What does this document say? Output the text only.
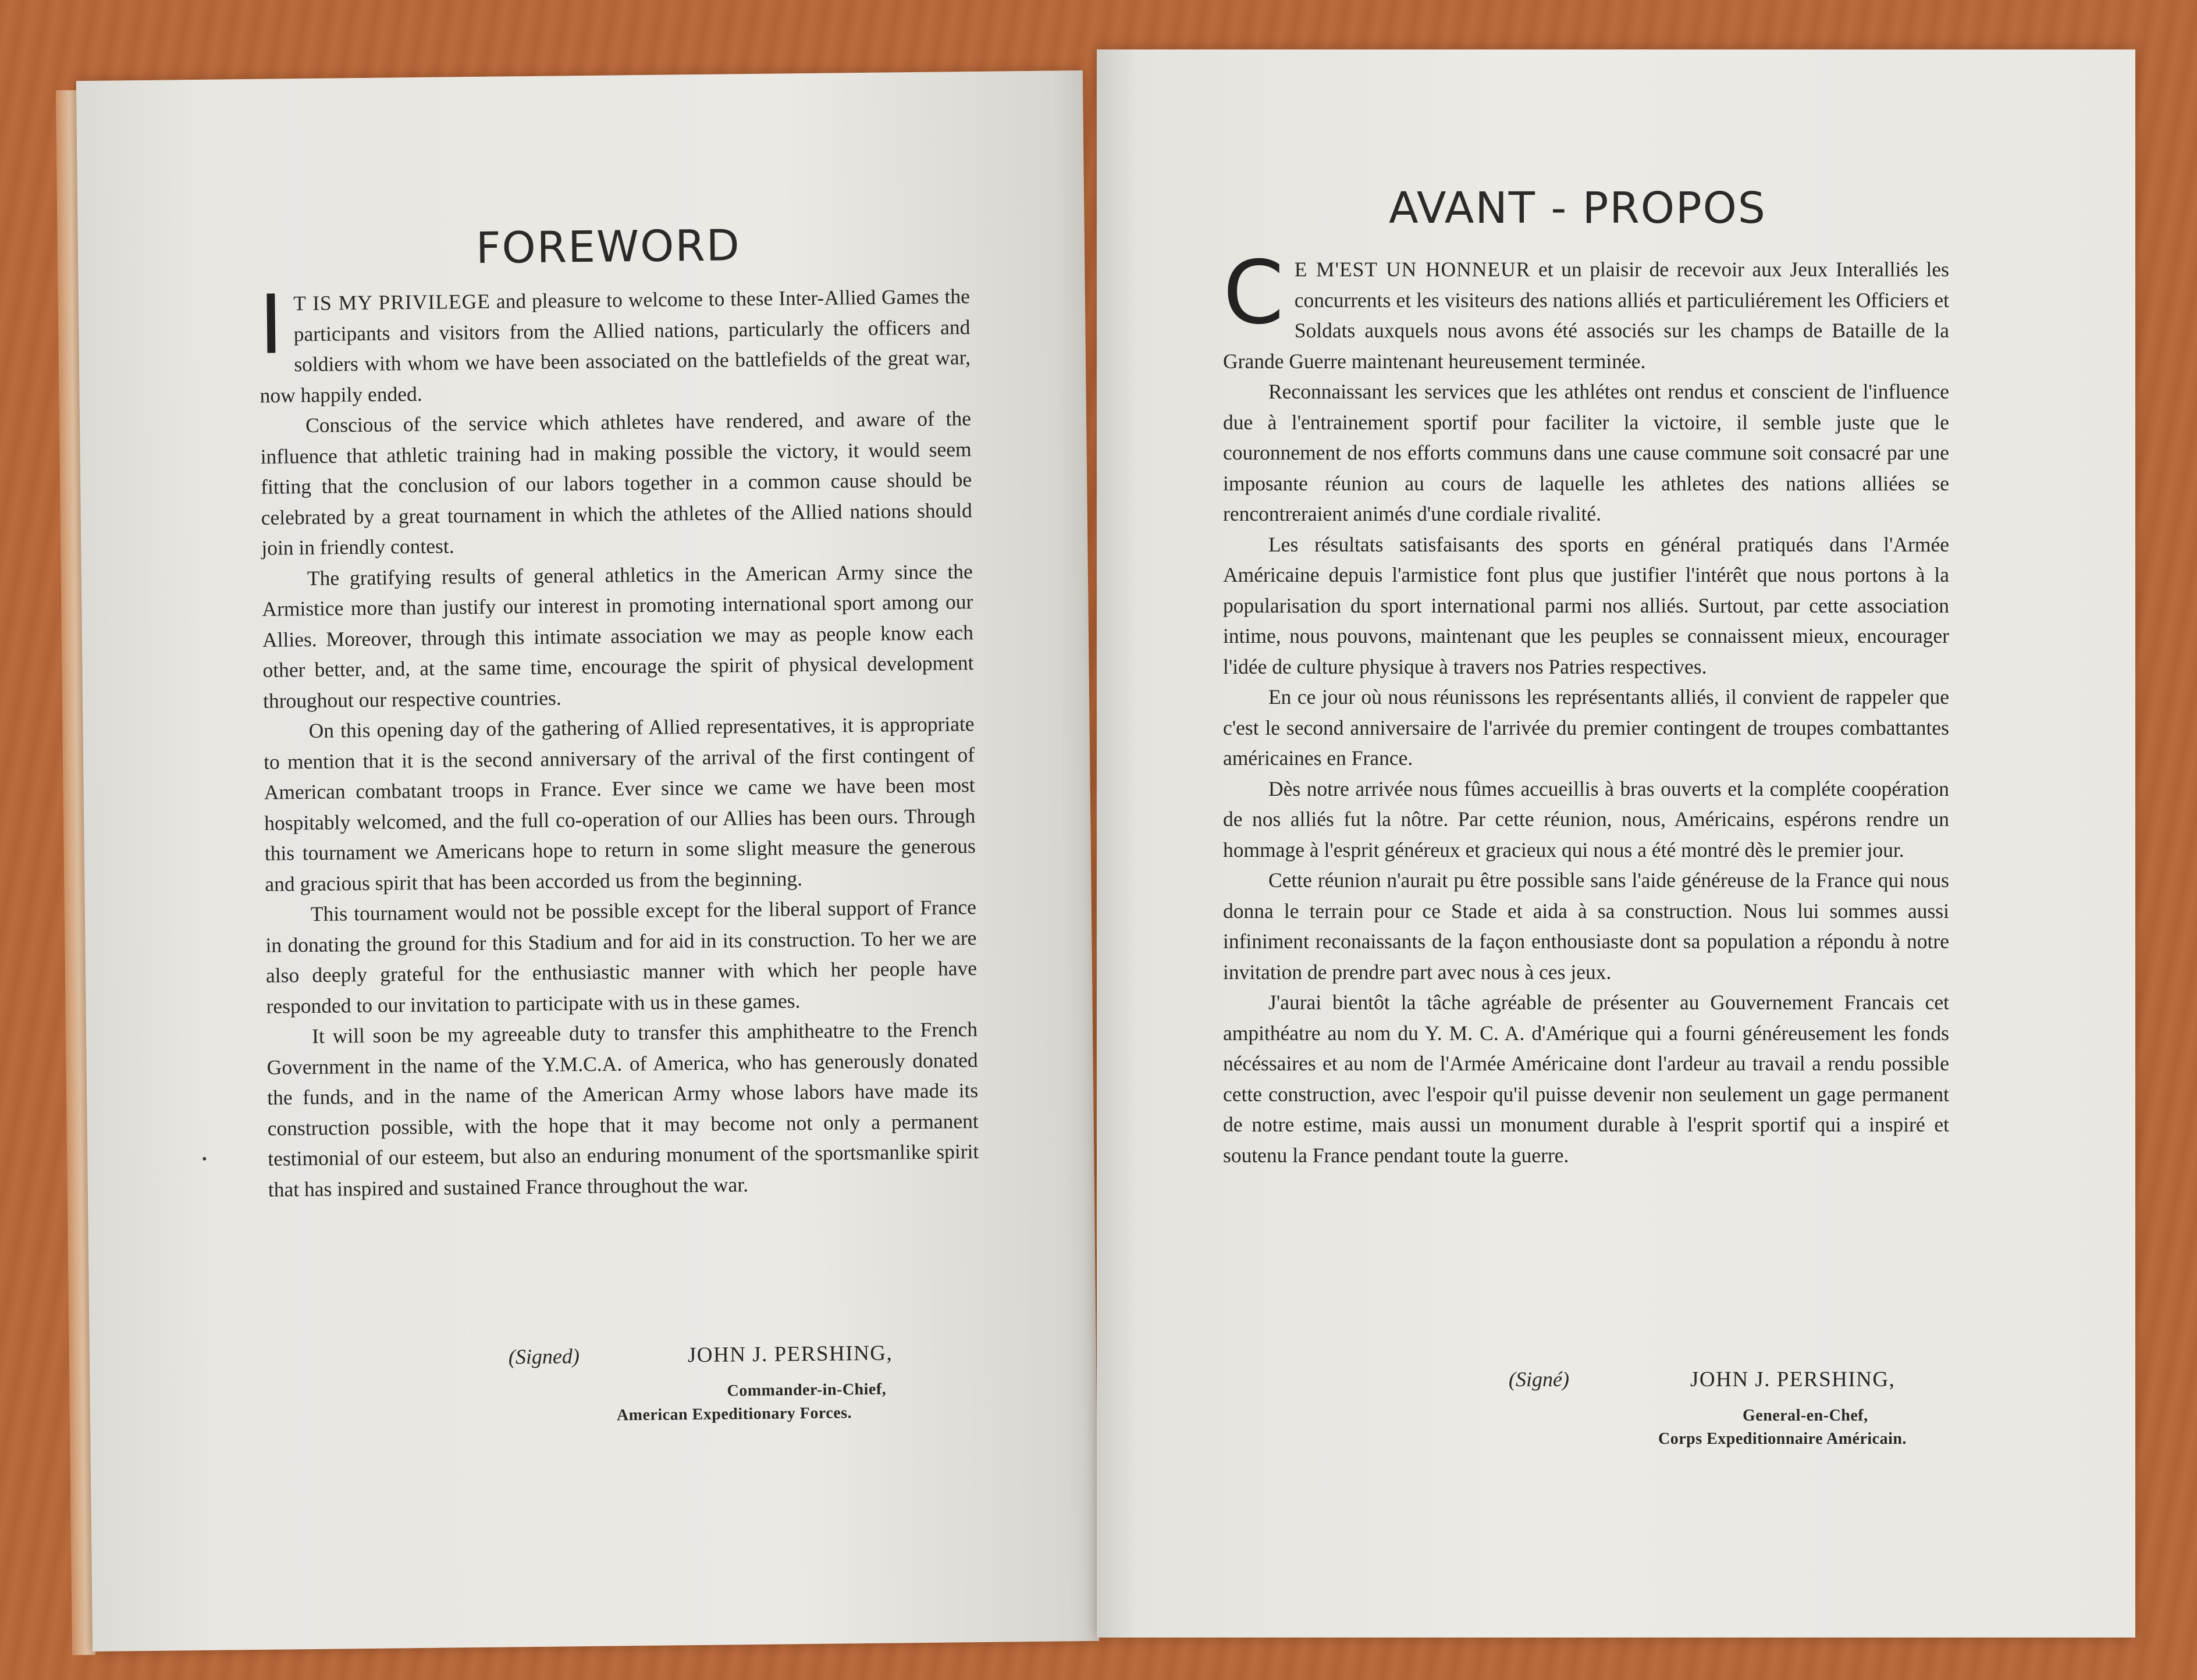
FOREWORD

IT IS MY PRIVILEGE and pleasure to welcome to these Inter-Allied Games the participants and visitors from the Allied nations, particularly the officers and soldiers with whom we have been associated on the battlefields of the great war, now happily ended.

Conscious of the service which athletes have rendered, and aware of the influence that athletic training had in making possible the victory, it would seem fitting that the conclusion of our labors together in a common cause should be celebrated by a great tournament in which the athletes of the Allied nations should join in friendly contest.

The gratifying results of general athletics in the American Army since the Armistice more than justify our interest in promoting international sport among our Allies. Moreover, through this intimate association we may as people know each other better, and, at the same time, encourage the spirit of physical development throughout our respective countries.

On this opening day of the gathering of Allied representatives, it is appropriate to mention that it is the second anniversary of the arrival of the first contingent of American combatant troops in France. Ever since we came we have been most hospitably welcomed, and the full co-operation of our Allies has been ours. Through this tournament we Americans hope to return in some slight measure the generous and gracious spirit that has been accorded us from the beginning.

This tournament would not be possible except for the liberal support of France in donating the ground for this Stadium and for aid in its construction. To her we are also deeply grateful for the enthusiastic manner with which her people have responded to our invitation to participate with us in these games.

It will soon be my agreeable duty to transfer this amphitheatre to the French Government in the name of the Y.M.C.A. of America, who has generously donated the funds, and in the name of the American Army whose labors have made its construction possible, with the hope that it may become not only a permanent testimonial of our esteem, but also an enduring monument of the sportsmanlike spirit that has inspired and sustained France throughout the war.

(Signed)	JOHN J. PERSHING,
Commander-in-Chief,
American Expeditionary Forces.
AVANT - PROPOS

CE M'EST UN HONNEUR et un plaisir de recevoir aux Jeux Interalliés les concurrents et les visiteurs des nations alliés et particuliérement les Officiers et Soldats auxquels nous avons été associés sur les champs de Bataille de la Grande Guerre maintenant heureusement terminée.

Reconnaissant les services que les athlétes ont rendus et conscient de l'influence due à l'entrainement sportif pour faciliter la victoire, il semble juste que le couronnement de nos efforts communs dans une cause commune soit consacré par une imposante réunion au cours de laquelle les athletes des nations alliées se rencontreraient animés d'une cordiale rivalité.

Les résultats satisfaisants des sports en général pratiqués dans l'Armée Américaine depuis l'armistice font plus que justifier l'intérêt que nous portons à la popularisation du sport international parmi nos alliés. Surtout, par cette association intime, nous pouvons, maintenant que les peuples se connaissent mieux, encourager l'idée de culture physique à travers nos Patries respectives.

En ce jour où nous réunissons les représentants alliés, il convient de rappeler que c'est le second anniversaire de l'arrivée du premier contingent de troupes combattantes américaines en France.

Dès notre arrivée nous fûmes accueillis à bras ouverts et la compléte coopération de nos alliés fut la nôtre. Par cette réunion, nous, Américains, espérons rendre un hommage à l'esprit généreux et gracieux qui nous a été montré dès le premier jour.

Cette réunion n'aurait pu être possible sans l'aide généreuse de la France qui nous donna le terrain pour ce Stade et aida à sa construction. Nous lui sommes aussi infiniment reconaissants de la façon enthousiaste dont sa population a répondu à notre invitation de prendre part avec nous à ces jeux.

J'aurai bientôt la tâche agréable de présenter au Gouvernement Francais cet ampithéatre au nom du Y. M. C. A. d'Amérique qui a fourni généreusement les fonds nécéssaires et au nom de l'Armée Américaine dont l'ardeur au travail a rendu possible cette construction, avec l'espoir qu'il puisse devenir non seulement un gage permanent de notre estime, mais aussi un monument durable à l'esprit sportif qui a inspiré et soutenu la France pendant toute la guerre.

(Signé)	JOHN J. PERSHING,
General-en-Chef,
Corps Expeditionnaire Américain.
